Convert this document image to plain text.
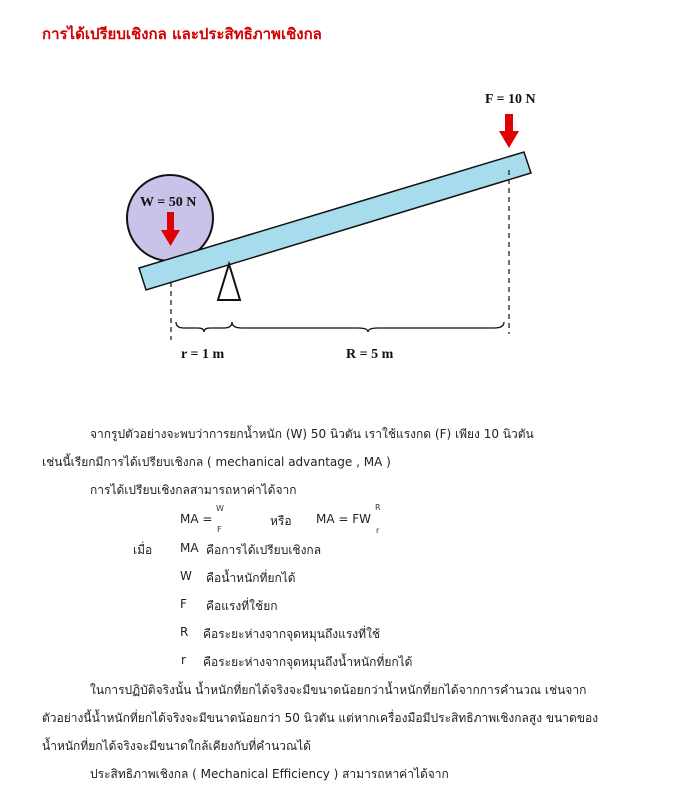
การได้เปรียบเชิงกล และประสิทธิภาพเชิงกล
W = 50 N
F = 10 N
r = 1 m	R = 5 m
จากรูปตัวอย่างจะพบว่าการยกน้ำหนัก (W) 50 นิวตัน เราใช้แรงกด (F) เพียง 10 นิวตัน
เช่นนี้เรียกมีการได้เปรียบเชิงกล ( mechanical advantage , MA )
การได้เปรียบเชิงกลสามารถหาค่าได้จาก
MA =
W
F
หรือ MA = FW
R
r
เมื่อ MA คือการได้เปรียบเชิงกล
W คือน้ำหนักที่ยกได้
F คือแรงที่ใช้ยก
R คือระยะห่างจากจุดหมุนถึงแรงที่ใช้
r คือระยะห่างจากจุดหมุนถึงน้ำหนักที่ยกได้
ในการปฏิบัติจริงนั้น น้ำหนักที่ยกได้จริงจะมีขนาดน้อยกว่าน้ำหนักที่ยกได้จากการคำนวณ เช่นจาก
ตัวอย่างนี้น้ำหนักที่ยกได้จริงจะมีขนาดน้อยกว่า 50 นิวตัน แต่หากเครื่องมือมีประสิทธิภาพเชิงกลสูง ขนาดของ
น้ำหนักที่ยกได้จริงจะมีขนาดใกล้เคียงกับที่คำนวณได้
ประสิทธิภาพเชิงกล ( Mechanical Efficiency ) สามารถหาค่าได้จาก
